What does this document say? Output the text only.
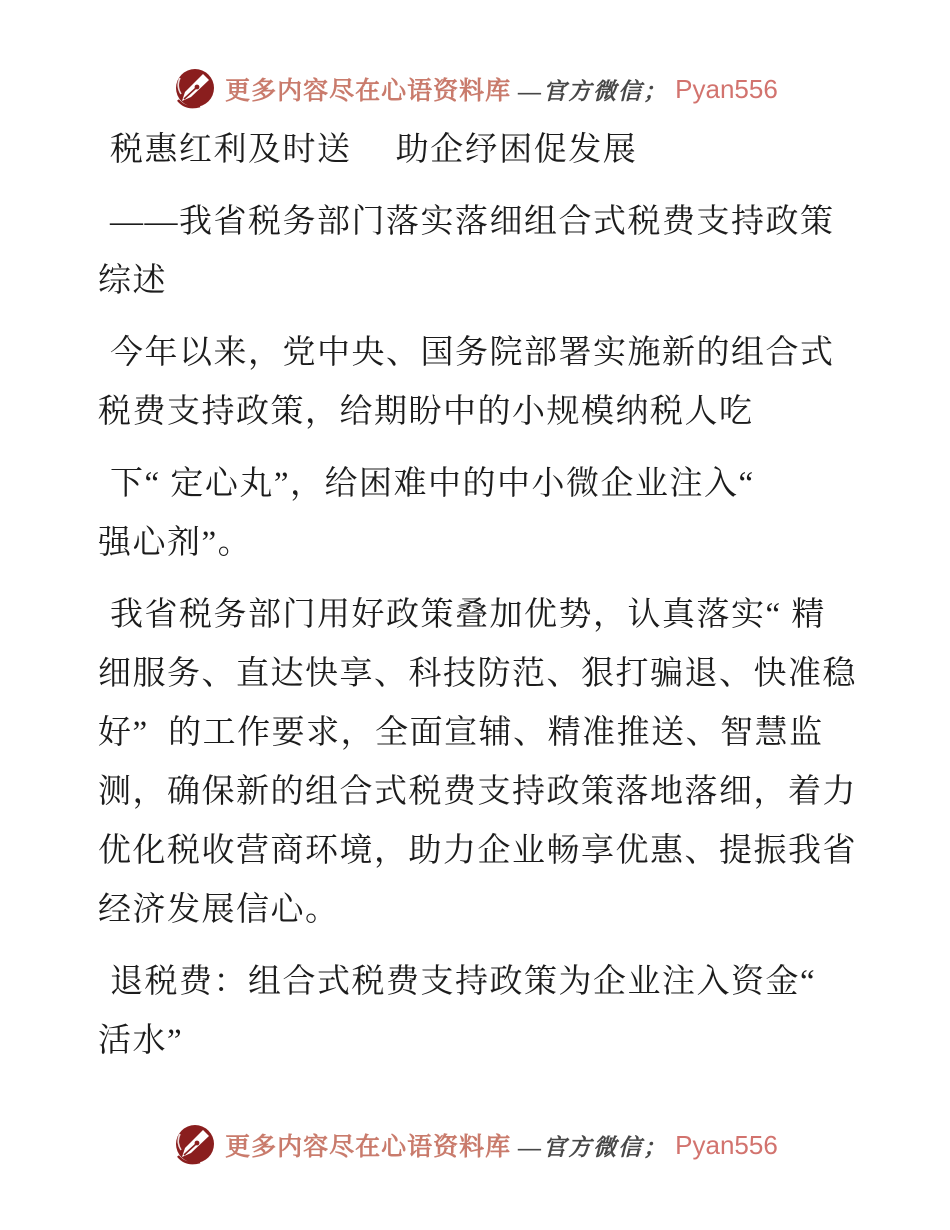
更多内容尽在心语资料库 —官方微信； Pyan556

税惠红利及时送　 助企纾困促发展

——我省税务部门落实落细组合式税费支持政策
综述

今年以来，党中央、国务院部署实施新的组合式
税费支持政策，给期盼中的小规模纳税人吃

下“ 定心丸”，给困难中的中小微企业注入“
强心剂”。

我省税务部门用好政策叠加优势，认真落实“ 精
细服务、直达快享、科技防范、狠打骗退、快准稳
好”  的工作要求，全面宣辅、精准推送、智慧监
测，确保新的组合式税费支持政策落地落细，着力
优化税收营商环境，助力企业畅享优惠、提振我省
经济发展信心。

退税费：组合式税费支持政策为企业注入资金“
活水”

更多内容尽在心语资料库 —官方微信； Pyan556
